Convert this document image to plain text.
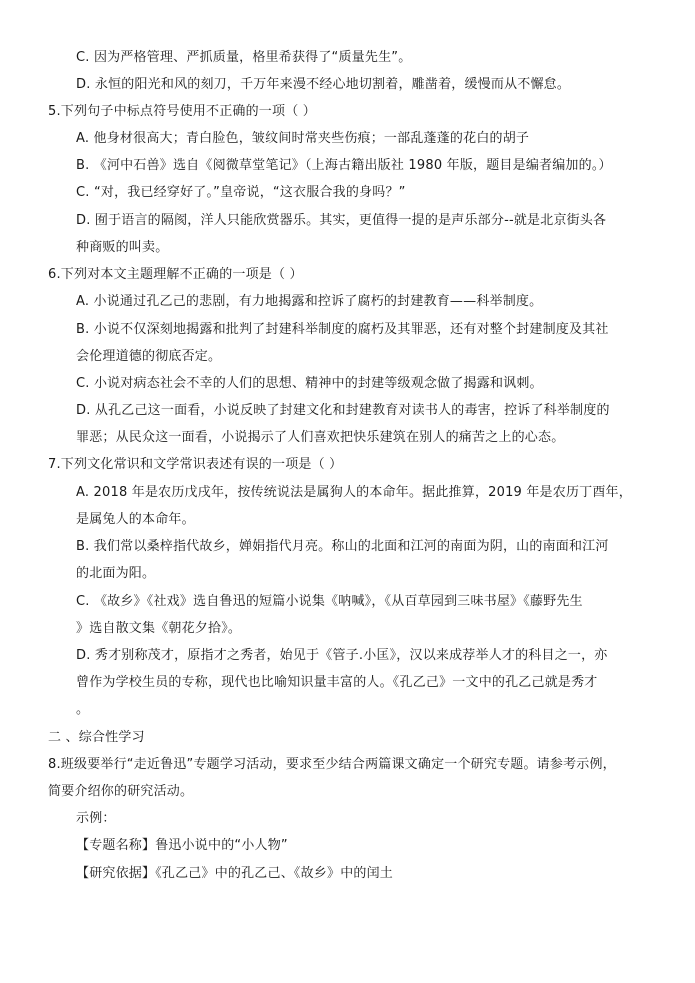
C. 因为严格管理、严抓质量，格里希获得了“质量先生”。
D. 永恒的阳光和风的刻刀，千万年来漫不经心地切割着，雕凿着，缓慢而从不懈怠。
5.下列句子中标点符号使用不正确的一项（ ）
A. 他身材很高大；青白脸色，皱纹间时常夹些伤痕；一部乱蓬蓬的花白的胡子
B. 《河中石兽》选自《阅微草堂笔记》（上海古籍出版社 1980 年版，题目是编者编加的。）
C. “对，我已经穿好了。”皇帝说，“这衣服合我的身吗？”
D. 囿于语言的隔阂，洋人只能欣赏器乐。其实，更值得一提的是声乐部分--就是北京街头各
种商贩的叫卖。
6.下列对本文主题理解不正确的一项是（ ）
A. 小说通过孔乙己的悲剧，有力地揭露和控诉了腐朽的封建教育——科举制度。
B. 小说不仅深刻地揭露和批判了封建科举制度的腐朽及其罪恶，还有对整个封建制度及其社
会伦理道德的彻底否定。
C. 小说对病态社会不幸的人们的思想、精神中的封建等级观念做了揭露和讽刺。
D. 从孔乙己这一面看，小说反映了封建文化和封建教育对读书人的毒害，控诉了科举制度的
罪恶；从民众这一面看，小说揭示了人们喜欢把快乐建筑在别人的痛苦之上的心态。
7.下列文化常识和文学常识表述有误的一项是（ ）
A. 2018 年是农历戊戌年，按传统说法是属狗人的本命年。据此推算，2019 年是农历丁酉年，
是属兔人的本命年。
B. 我们常以桑梓指代故乡，婵娟指代月亮。称山的北面和江河的南面为阴，山的南面和江河
的北面为阳。
C. 《故乡》《社戏》选自鲁迅的短篇小说集《呐喊》，《从百草园到三味书屋》《藤野先生
》选自散文集《朝花夕拾》。
D. 秀才别称茂才，原指才之秀者，始见于《管子.小匡》，汉以来成荐举人才的科目之一，亦
曾作为学校生员的专称，现代也比喻知识量丰富的人。《孔乙己》一文中的孔乙己就是秀才
。
二 、综合性学习
8.班级要举行“走近鲁迅”专题学习活动，要求至少结合两篇课文确定一个研究专题。请参考示例，
简要介绍你的研究活动。
示例：
【专题名称】鲁迅小说中的“小人物”
【研究依据】《孔乙己》中的孔乙己、《故乡》中的闰土
